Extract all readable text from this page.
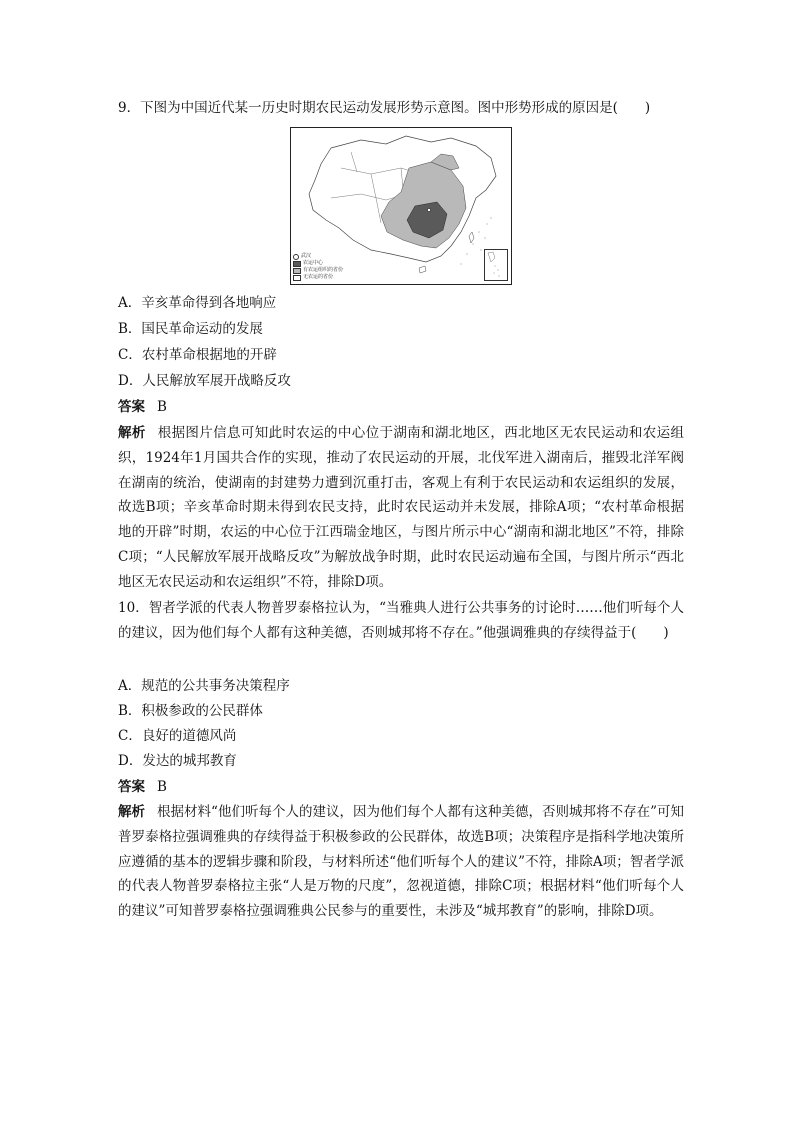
9．下图为中国近代某一历史时期农民运动发展形势示意图。图中形势形成的原因是(　　)
武汉
农运中心
有农运组织的省份
无农运的省份
A．辛亥革命得到各地响应
B．国民革命运动的发展
C．农村革命根据地的开辟
D．人民解放军展开战略反攻
答案 B
解析 根据图片信息可知此时农运的中心位于湖南和湖北地区，西北地区无农民运动和农运组织，1924年1月国共合作的实现，推动了农民运动的开展，北伐军进入湖南后，摧毁北洋军阀在湖南的统治，使湖南的封建势力遭到沉重打击，客观上有利于农民运动和农运组织的发展，故选B项；辛亥革命时期未得到农民支持，此时农民运动并未发展，排除A项；“农村革命根据地的开辟”时期，农运的中心位于江西瑞金地区，与图片所示中心“湖南和湖北地区”不符，排除C项；“人民解放军展开战略反攻”为解放战争时期，此时农民运动遍布全国，与图片所示“西北地区无农民运动和农运组织”不符，排除D项。
10．智者学派的代表人物普罗泰格拉认为，“当雅典人进行公共事务的讨论时……他们听每个人的建议，因为他们每个人都有这种美德，否则城邦将不存在。”他强调雅典的存续得益于(　　)
A．规范的公共事务决策程序
B．积极参政的公民群体
C．良好的道德风尚
D．发达的城邦教育
答案 B
解析 根据材料“他们听每个人的建议，因为他们每个人都有这种美德，否则城邦将不存在”可知普罗泰格拉强调雅典的存续得益于积极参政的公民群体，故选B项；决策程序是指科学地决策所应遵循的基本的逻辑步骤和阶段，与材料所述“他们听每个人的建议”不符，排除A项；智者学派的代表人物普罗泰格拉主张“人是万物的尺度”，忽视道德，排除C项；根据材料“他们听每个人的建议”可知普罗泰格拉强调雅典公民参与的重要性，未涉及“城邦教育”的影响，排除D项。
